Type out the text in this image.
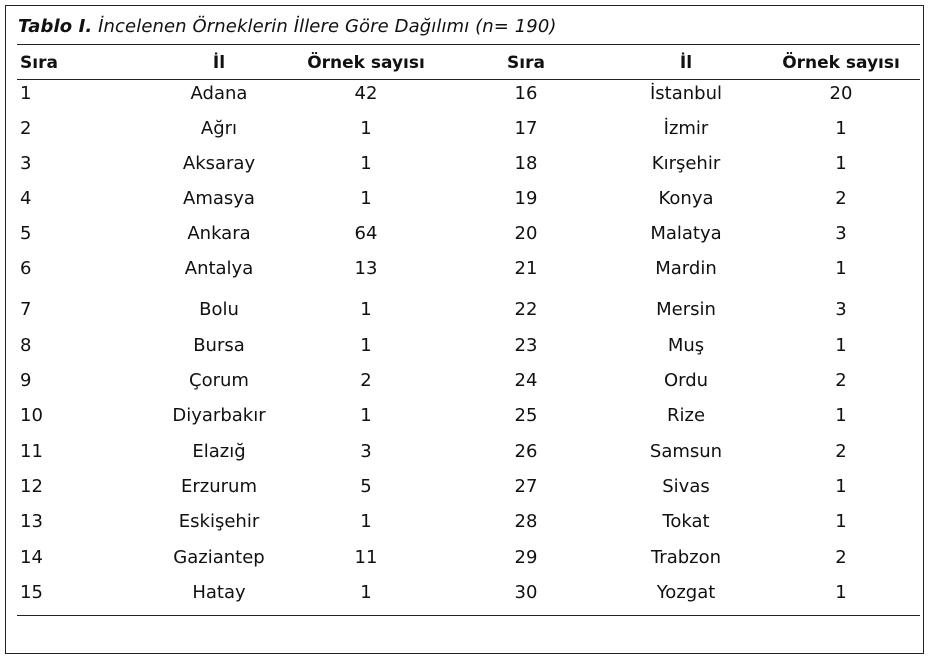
Tablo I. İncelenen Örneklerin İllere Göre Dağılımı (n= 190)
Sıra	İl	Örnek sayısı	Sıra	İl	Örnek sayısı
1	Adana	42	16	İstanbul	20
2	Ağrı	1	17	İzmir	1
3	Aksaray	1	18	Kırşehir	1
4	Amasya	1	19	Konya	2
5	Ankara	64	20	Malatya	3
6	Antalya	13	21	Mardin	1
7	Bolu	1	22	Mersin	3
8	Bursa	1	23	Muş	1
9	Çorum	2	24	Ordu	2
10	Diyarbakır	1	25	Rize	1
11	Elazığ	3	26	Samsun	2
12	Erzurum	5	27	Sivas	1
13	Eskişehir	1	28	Tokat	1
14	Gaziantep	11	29	Trabzon	2
15	Hatay	1	30	Yozgat	1
